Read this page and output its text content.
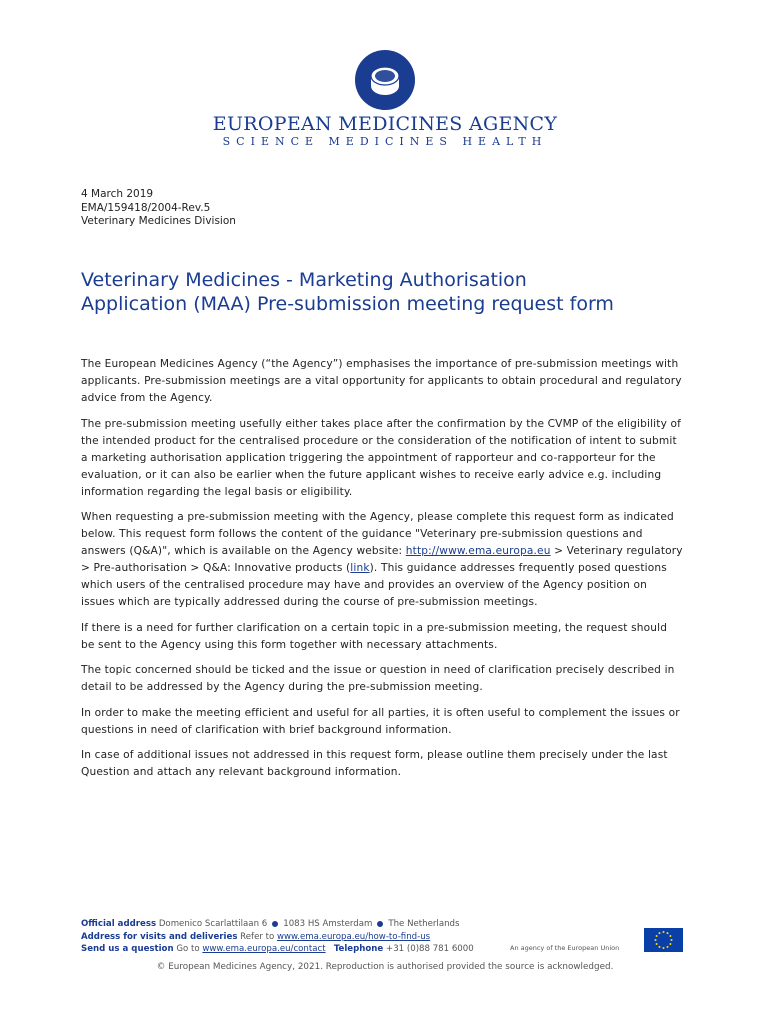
EUROPEAN MEDICINES AGENCY
SCIENCE MEDICINES HEALTH
4 March 2019
EMA/159418/2004-Rev.5
Veterinary Medicines Division
Veterinary Medicines - Marketing Authorisation
Application (MAA) Pre-submission meeting request form

The European Medicines Agency (“the Agency”) emphasises the importance of pre-submission meetings with applicants. Pre-submission meetings are a vital opportunity for applicants to obtain procedural and regulatory advice from the Agency.

The pre-submission meeting usefully either takes place after the confirmation by the CVMP of the eligibility of the intended product for the centralised procedure or the consideration of the notification of intent to submit a marketing authorisation application triggering the appointment of rapporteur and co-rapporteur for the evaluation, or it can also be earlier when the future applicant wishes to receive early advice e.g. including information regarding the legal basis or eligibility.

When requesting a pre-submission meeting with the Agency, please complete this request form as indicated below. This request form follows the content of the guidance "Veterinary pre-submission questions and answers (Q&A)", which is available on the Agency website: http://www.ema.europa.eu > Veterinary regulatory > Pre-authorisation > Q&A: Innovative products (link). This guidance addresses frequently posed questions which users of the centralised procedure may have and provides an overview of the Agency position on issues which are typically addressed during the course of pre-submission meetings.

If there is a need for further clarification on a certain topic in a pre-submission meeting, the request should be sent to the Agency using this form together with necessary attachments.

The topic concerned should be ticked and the issue or question in need of clarification precisely described in detail to be addressed by the Agency during the pre-submission meeting.

In order to make the meeting efficient and useful for all parties, it is often useful to complement the issues or questions in need of clarification with brief background information.

In case of additional issues not addressed in this request form, please outline them precisely under the last Question and attach any relevant background information.

Official address Domenico Scarlattilaan 6 1083 HS Amsterdam The Netherlands
Address for visits and deliveries Refer to www.ema.europa.eu/how-to-find-us
Send us a question Go to www.ema.europa.eu/contact Telephone +31 (0)88 781 6000	An agency of the European Union
© European Medicines Agency, 2021. Reproduction is authorised provided the source is acknowledged.
